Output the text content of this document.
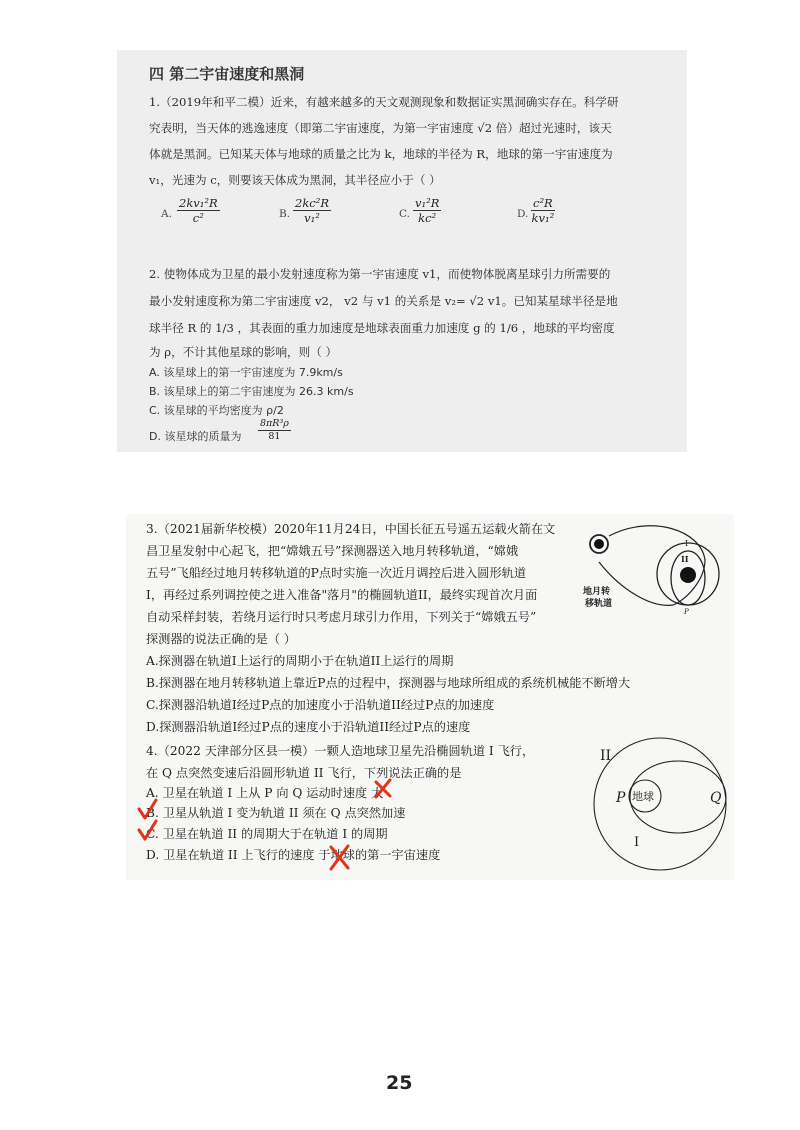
四 第二宇宙速度和黑洞
1.（2019年和平二模）近来，有越来越多的天文观测现象和数据证实黑洞确实存在。科学研
究表明，当天体的逃逸速度（即第二宇宙速度，为第一宇宙速度 √2 倍）超过光速时，该天
体就是黑洞。已知某天体与地球的质量之比为 k，地球的半径为 R，地球的第一宇宙速度为
v₁，光速为 c，则要该天体成为黑洞，其半径应小于（ ）
A. $\frac{\text{2kv₁²R}}{\text{c²}}$	B. $\frac{\text{2kc²R}}{\text{v₁²}}$	C. $\frac{\text{v₁²R}}{\text{kc²}}$	D. $\frac{\text{c²R}}{\text{kv₁²}}$
2. 使物体成为卫星的最小发射速度称为第一宇宙速度 v1，而使物体脱离星球引力所需要的
最小发射速度称为第二宇宙速度 v2， v2 与 v1 的关系是 v₂= √2 v1。已知某星球半径是地
球半径 R 的 1/3 ，其表面的重力加速度是地球表面重力加速度 g 的 1/6 ，地球的平均密度
为 ρ，不计其他星球的影响，则（ ）
A. 该星球上的第一宇宙速度为 7.9km/s
B. 该星球上的第二宇宙速度为 26.3 km/s
C. 该星球的平均密度为 ρ/2
D. 该星球的质量为 $\frac{\text{8πR³ρ}}{81}$
3.（2021届新华校模）2020年11月24日，中国长征五号遥五运载火箭在文
昌卫星发射中心起飞，把“嫦娥五号”探测器送入地月转移轨道，“嫦娥
五号”飞船经过地月转移轨道的P点时实施一次近月调控后进入圆形轨道
I，再经过系列调控使之进入准备"落月"的椭圆轨道II，最终实现首次月面
自动采样封装，若绕月运行时只考虑月球引力作用，下列关于“嫦娥五号”
探测器的说法正确的是（ ）
A.探测器在轨道I上运行的周期小于在轨道II上运行的周期
B.探测器在地月转移轨道上靠近P点的过程中，探测器与地球所组成的系统机械能不断增大
C.探测器沿轨道I经过P点的加速度小于沿轨道II经过P点的加速度
D.探测器沿轨道I经过P点的速度小于沿轨道II经过P点的速度
I
II
P
地月转
移轨道
4.（2022 天津部分区县一模）一颗人造地球卫星先沿椭圆轨道 I 飞行，
在 Q 点突然变速后沿圆形轨道 II 飞行，下列说法正确的是
A. 卫星在轨道 I 上从 P 向 Q 运动时速度 大
B. 卫星从轨道 I 变为轨道 II 须在 Q 点突然加速
C. 卫星在轨道 II 的周期大于在轨道 I 的周期
D. 卫星在轨道 II 上飞行的速度 于地球的第一宇宙速度
地球
II
I
P	Q
25
